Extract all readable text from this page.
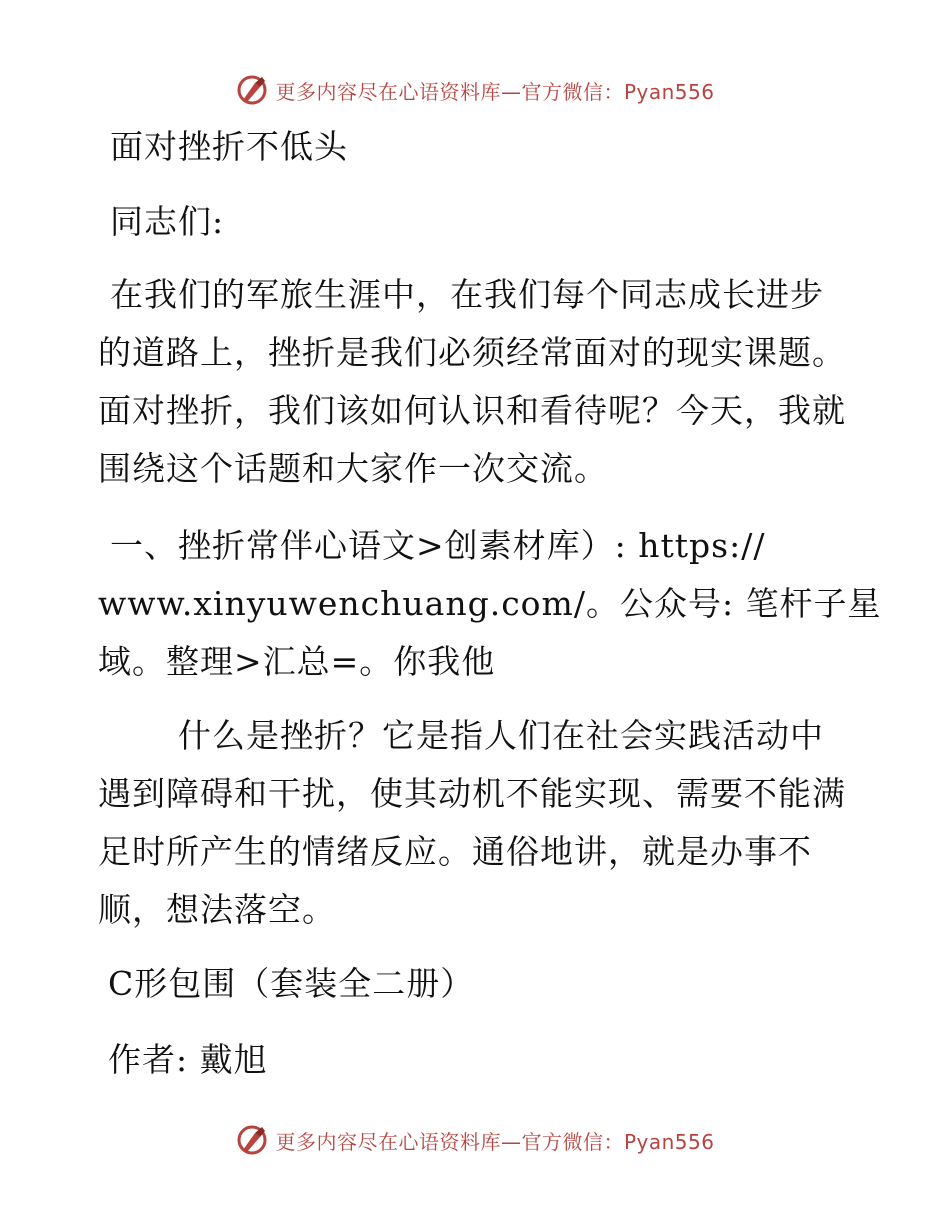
更多内容尽在心语资料库—官方微信：Pyan556
面对挫折不低头
同志们:
在我们的军旅生涯中，在我们每个同志成长进步
的道路上，挫折是我们必须经常面对的现实课题。
面对挫折，我们该如何认识和看待呢？今天，我就
围绕这个话题和大家作一次交流。
一、挫折常伴心语文>创素材库）: https://
www.xinyuwenchuang.com/。公众号: 笔杆子星
域。整理>汇总=。你我他
什么是挫折？它是指人们在社会实践活动中
遇到障碍和干扰，使其动机不能实现、需要不能满
足时所产生的情绪反应。通俗地讲，就是办事不
顺，想法落空。
C形包围（套装全二册）
作者: 戴旭
更多内容尽在心语资料库—官方微信：Pyan556
